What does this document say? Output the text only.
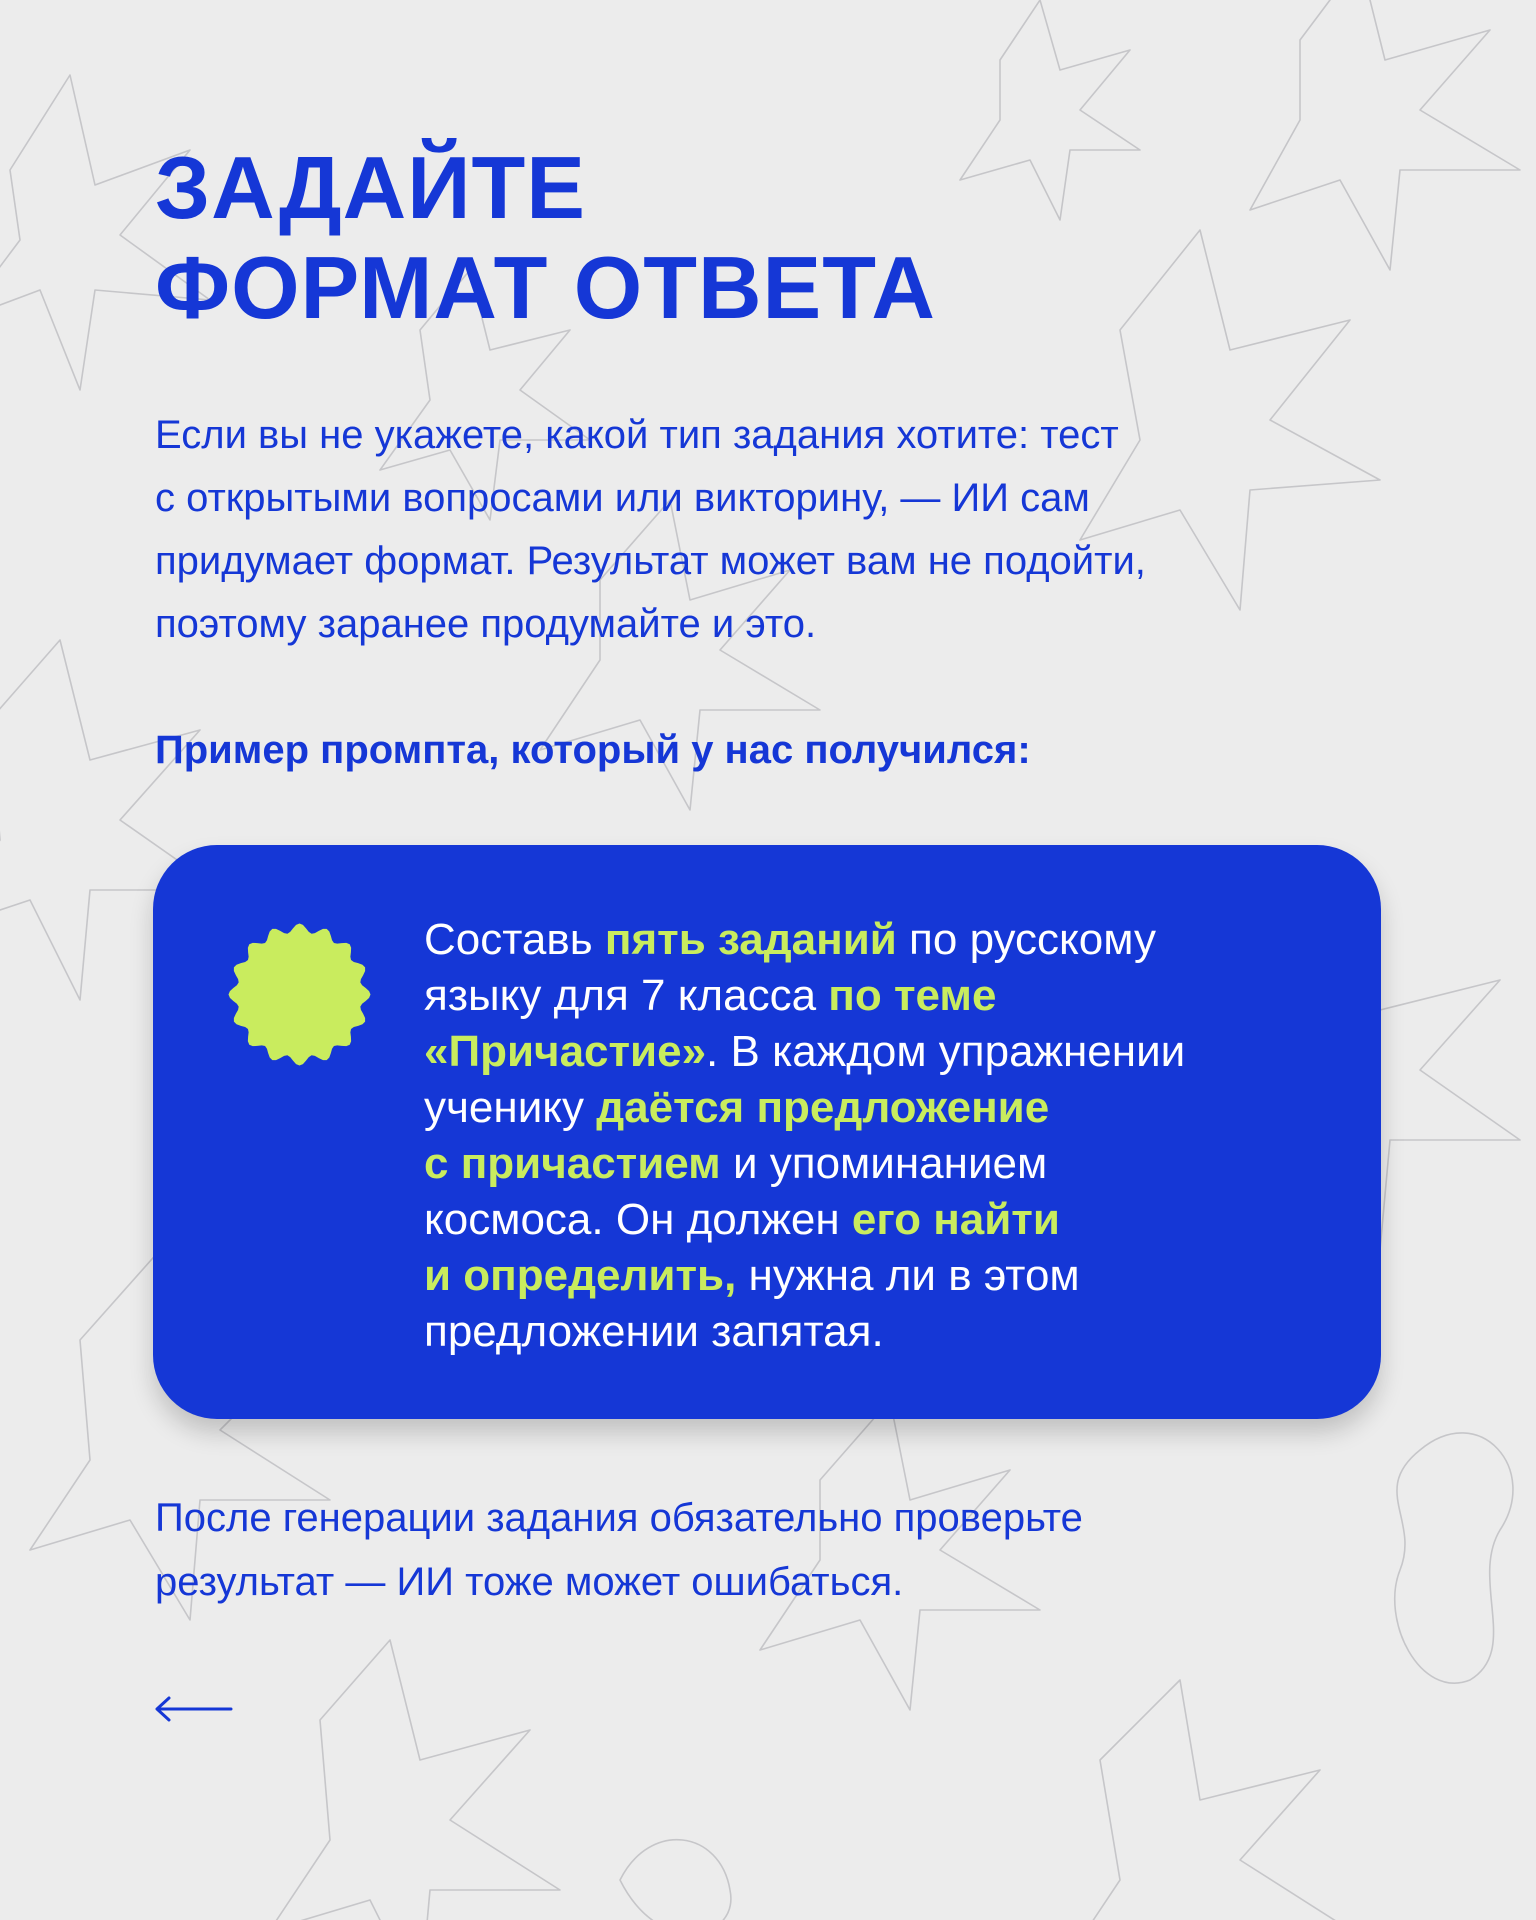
ЗАДАЙТЕ
ФОРМАТ ОТВЕТА
Если вы не укажете, какой тип задания хотите: тест
с открытыми вопросами или викторину, — ИИ сам
придумает формат. Результат может вам не подойти,
поэтому заранее продумайте и это.
Пример промпта, который у нас получился:
Составь пять заданий по русскому
языку для 7 класса по теме
«Причастие». В каждом упражнении
ученику даётся предложение
с причастием и упоминанием
космоса. Он должен его найти
и определить, нужна ли в этом
предложении запятая.
После генерации задания обязательно проверьте
результат — ИИ тоже может ошибаться.
